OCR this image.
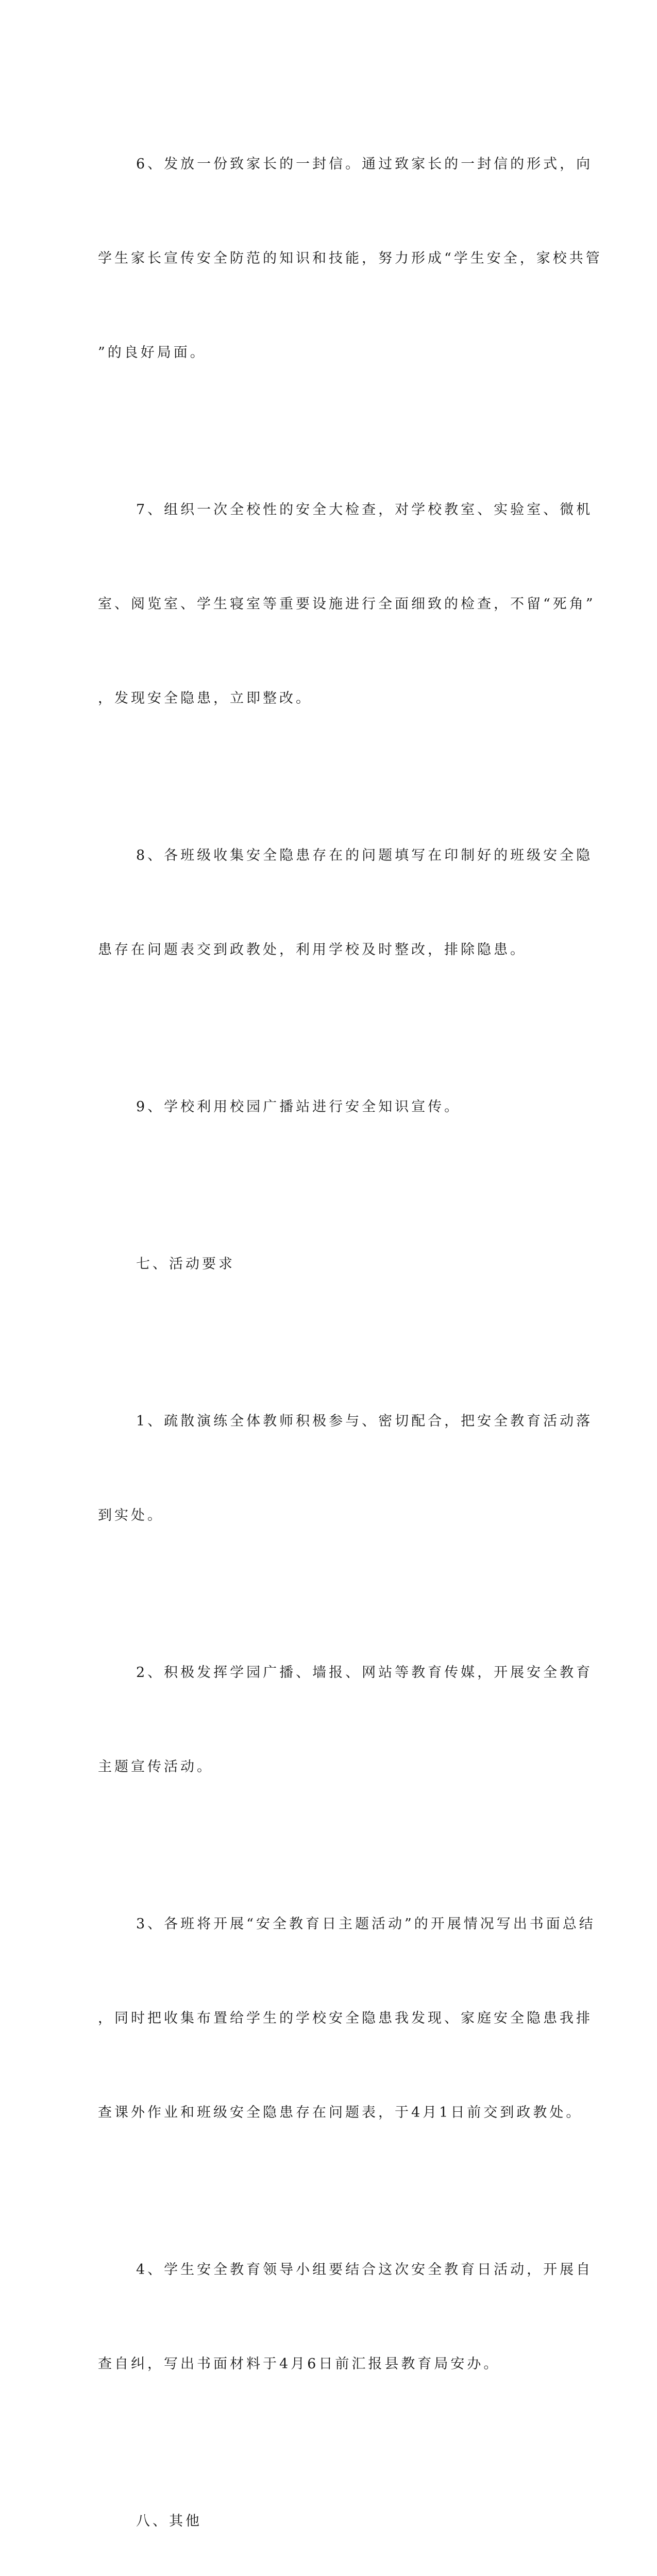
6、发放一份致家长的一封信。通过致家长的一封信的形式，向

学生家长宣传安全防范的知识和技能，努力形成“学生安全，家校共管

”的良好局面。

7、组织一次全校性的安全大检查，对学校教室、实验室、微机

室、阅览室、学生寝室等重要设施进行全面细致的检查，不留“死角”

，发现安全隐患，立即整改。

8、各班级收集安全隐患存在的问题填写在印制好的班级安全隐

患存在问题表交到政教处，利用学校及时整改，排除隐患。

9、学校利用校园广播站进行安全知识宣传。

七、活动要求

1、疏散演练全体教师积极参与、密切配合，把安全教育活动落

到实处。

2、积极发挥学园广播、墙报、网站等教育传媒，开展安全教育

主题宣传活动。

3、各班将开展“安全教育日主题活动”的开展情况写出书面总结

，同时把收集布置给学生的学校安全隐患我发现、家庭安全隐患我排

查课外作业和班级安全隐患存在问题表，于4月1日前交到政教处。

4、学生安全教育领导小组要结合这次安全教育日活动，开展自

查自纠，写出书面材料于4月6日前汇报县教育局安办。

八、其他
